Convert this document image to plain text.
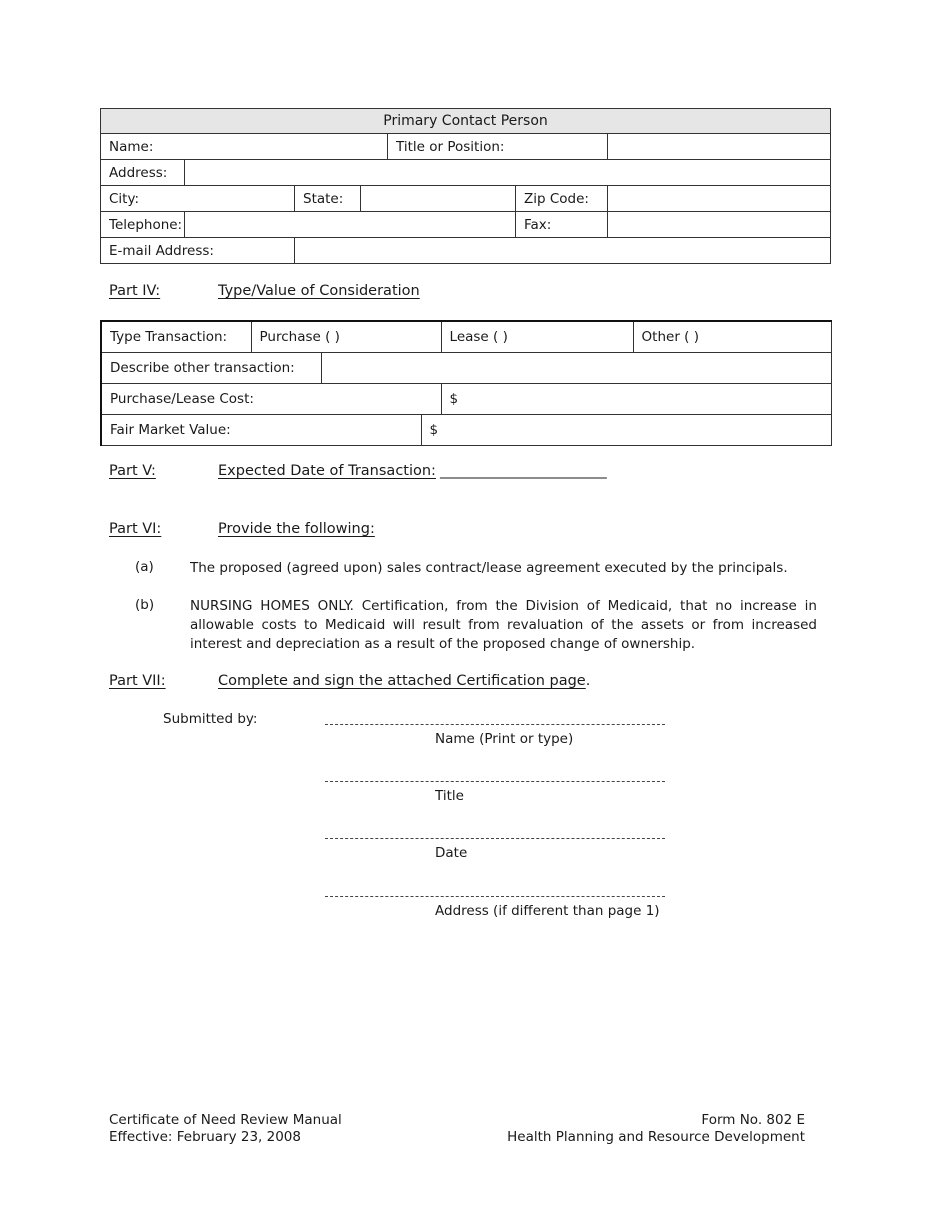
Primary Contact Person						
Name:				Title or Position:		
Address:						
City:		State:			Zip Code:	
Telephone:					Fax:	
E-mail Address:						
Part IV:	Type/Value of Consideration
Type Transaction:	Purchase ( )			Lease ( )	Other ( )
Describe other transaction:					
Purchase/Lease Cost:				$	
Fair Market Value:			$		
Part V:	Expected Date of Transaction: _______________________
Part VI:	Provide the following:
(a)	The proposed (agreed upon) sales contract/lease agreement executed by the principals.
(b)	NURSING HOMES ONLY. Certification, from the Division of Medicaid, that no increase in allowable costs to Medicaid will result from revaluation of the assets or from increased interest and depreciation as a result of the proposed change of ownership.
Part VII:	Complete and sign the attached Certification page.
Submitted by:
Name (Print or type)
Title
Date
Address (if different than page 1)
Certificate of Need Review Manual
Effective: February 23, 2008
Form No. 802 E
Health Planning and Resource Development
